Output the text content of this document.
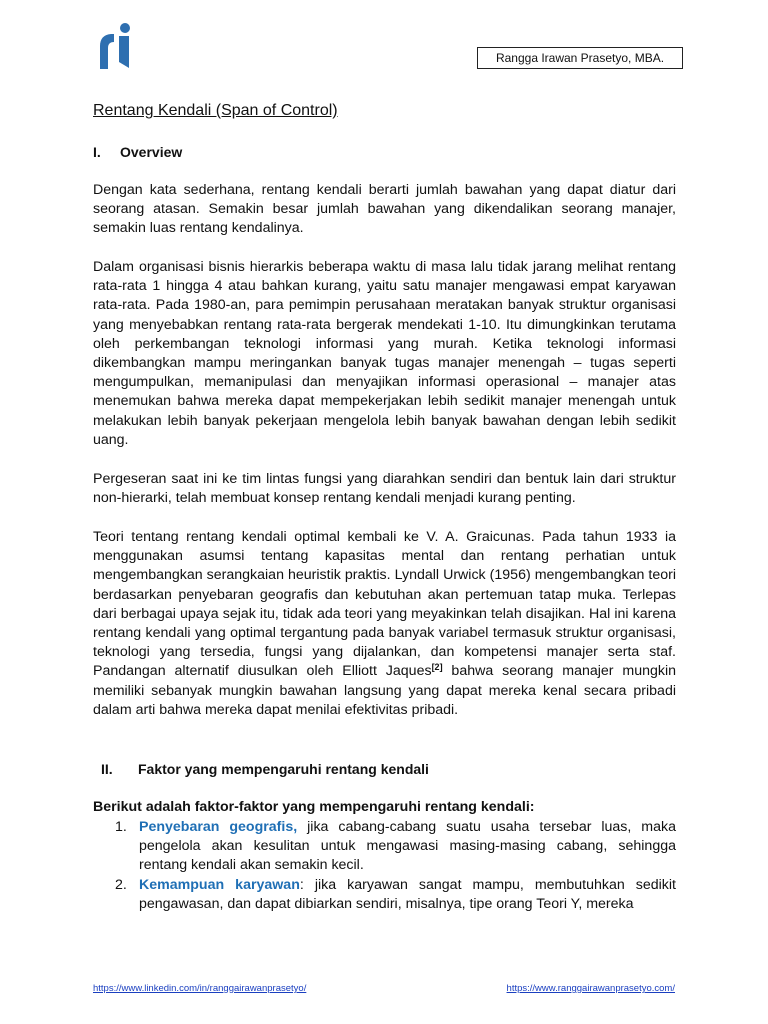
Rangga Irawan Prasetyo, MBA.
Rentang Kendali (Span of Control)
I. Overview

Dengan kata sederhana, rentang kendali berarti jumlah bawahan yang dapat diatur dari seorang atasan. Semakin besar jumlah bawahan yang dikendalikan seorang manajer, semakin luas rentang kendalinya.

Dalam organisasi bisnis hierarkis beberapa waktu di masa lalu tidak jarang melihat rentang rata-rata 1 hingga 4 atau bahkan kurang, yaitu satu manajer mengawasi empat karyawan rata-rata. Pada 1980-an, para pemimpin perusahaan meratakan banyak struktur organisasi yang menyebabkan rentang rata-rata bergerak mendekati 1-10. Itu dimungkinkan terutama oleh perkembangan teknologi informasi yang murah. Ketika teknologi informasi dikembangkan mampu meringankan banyak tugas manajer menengah – tugas seperti mengumpulkan, memanipulasi dan menyajikan informasi operasional – manajer atas menemukan bahwa mereka dapat mempekerjakan lebih sedikit manajer menengah untuk melakukan lebih banyak pekerjaan mengelola lebih banyak bawahan dengan lebih sedikit uang.

Pergeseran saat ini ke tim lintas fungsi yang diarahkan sendiri dan bentuk lain dari struktur non-hierarki, telah membuat konsep rentang kendali menjadi kurang penting.

Teori tentang rentang kendali optimal kembali ke V. A. Graicunas. Pada tahun 1933 ia menggunakan asumsi tentang kapasitas mental dan rentang perhatian untuk mengembangkan serangkaian heuristik praktis. Lyndall Urwick (1956) mengembangkan teori berdasarkan penyebaran geografis dan kebutuhan akan pertemuan tatap muka. Terlepas dari berbagai upaya sejak itu, tidak ada teori yang meyakinkan telah disajikan. Hal ini karena rentang kendali yang optimal tergantung pada banyak variabel termasuk struktur organisasi, teknologi yang tersedia, fungsi yang dijalankan, dan kompetensi manajer serta staf. Pandangan alternatif diusulkan oleh Elliott Jaques[2] bahwa seorang manajer mungkin memiliki sebanyak mungkin bawahan langsung yang dapat mereka kenal secara pribadi dalam arti bahwa mereka dapat menilai efektivitas pribadi.

II. Faktor yang mempengaruhi rentang kendali

Berikut adalah faktor-faktor yang mempengaruhi rentang kendali:

1. Penyebaran geografis, jika cabang-cabang suatu usaha tersebar luas, maka pengelola akan kesulitan untuk mengawasi masing-masing cabang, sehingga rentang kendali akan semakin kecil.
2. Kemampuan karyawan: jika karyawan sangat mampu, membutuhkan sedikit pengawasan, dan dapat dibiarkan sendiri, misalnya, tipe orang Teori Y, mereka
https://www.linkedin.com/in/ranggairawanprasetyo/	https://www.ranggairawanprasetyo.com/
